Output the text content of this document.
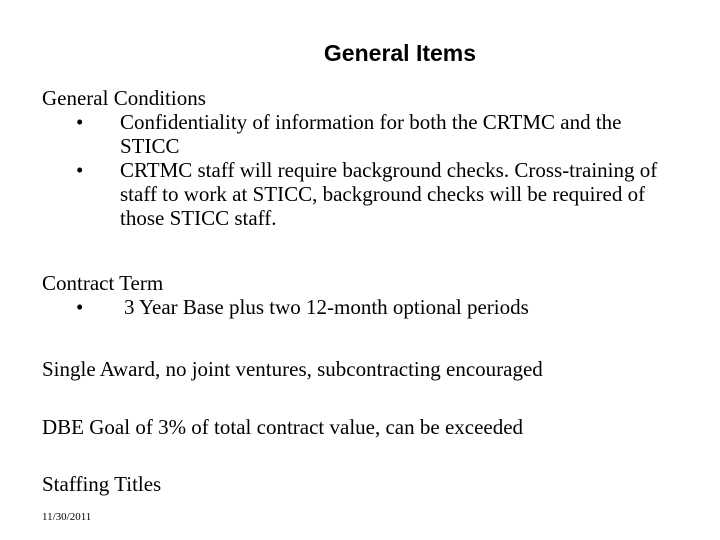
General Items
General Conditions
• Confidentiality of information for both the CRTMC and the STICC
• CRTMC staff will require background checks. Cross-training of staff to work at STICC, background checks will be required of those STICC staff.
Contract Term
• 3 Year Base plus two 12-month optional periods
Single Award, no joint ventures, subcontracting encouraged
DBE Goal of 3% of total contract value, can be exceeded
Staffing Titles
11/30/2011
